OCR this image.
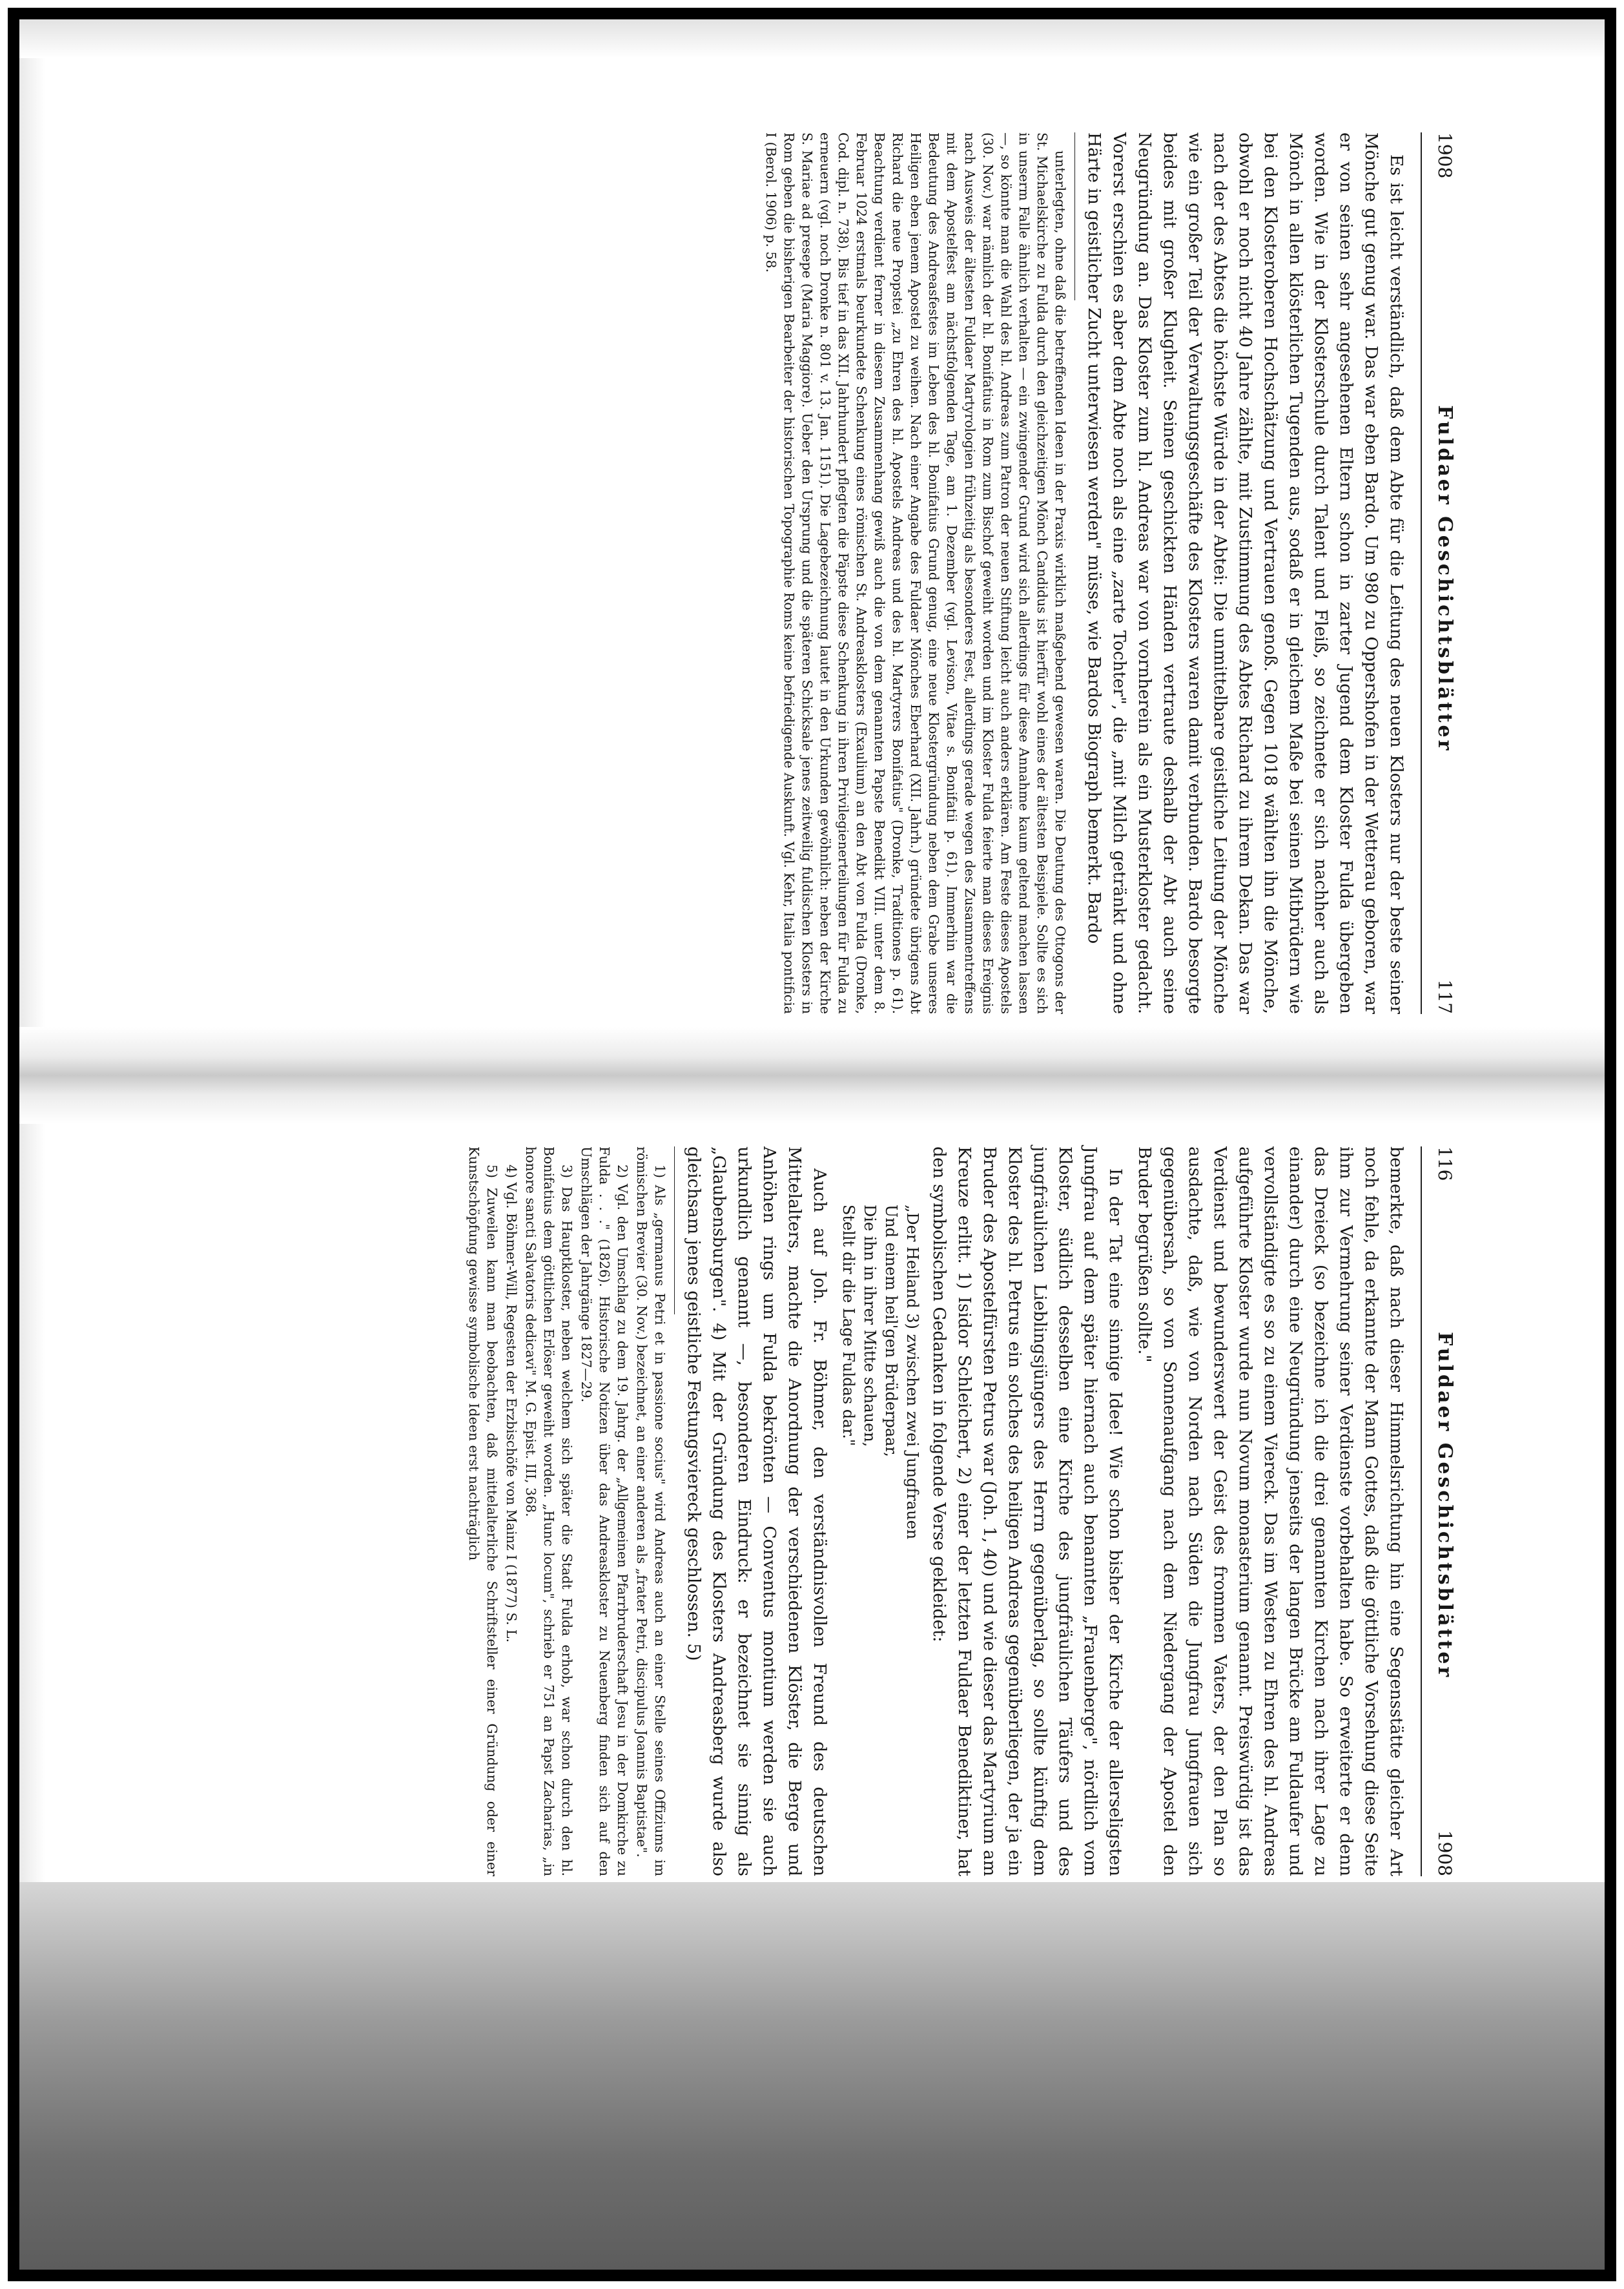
1908
Fuldaer Geschichtsblätter
117

Es ist leicht verständlich, daß dem Abte für die Leitung des neuen Klosters nur der beste seiner Mönche gut genug war. Das war eben Bardo. Um 980 zu Oppershofen in der Wetterau geboren, war er von seinen sehr angesehenen Eltern schon in zarter Jugend dem Kloster Fulda übergeben worden. Wie in der Klosterschule durch Talent und Fleiß, so zeichnete er sich nachher auch als Mönch in allen klösterlichen Tugenden aus, sodaß er in gleichem Maße bei seinen Mitbrüdern wie bei den Klosteroberen Hochschätzung und Vertrauen genoß. Gegen 1018 wählten ihn die Mönche, obwohl er noch nicht 40 Jahre zählte, mit Zustimmung des Abtes Richard zu ihrem Dekan. Das war nach der des Abtes die höchste Würde in der Abtei: Die unmittelbare geistliche Leitung der Mönche wie ein großer Teil der Verwaltungsgeschäfte des Klosters waren damit verbunden. Bardo besorgte beides mit großer Klugheit. Seinen geschickten Händen vertraute deshalb der Abt auch seine Neugründung an. Das Kloster zum hl. Andreas war von vornherein als ein Musterkloster gedacht. Vorerst erschien es aber dem Abte noch als eine „zarte Tochter", die „mit Milch getränkt und ohne Härte in geistlicher Zucht unterwiesen werden" müsse, wie Bardos Biograph bemerkt. Bardo

unterlegten, ohne daß die betreffenden Ideen in der Praxis wirklich maßgebend gewesen waren. Die Deutung des Ottogons der St. Michaelskirche zu Fulda durch den gleichzeitigen Mönch Candidus ist hierfür wohl eines der ältesten Beispiele. Sollte es sich in unserm Falle ähnlich verhalten — ein zwingender Grund wird sich allerdings für diese Annahme kaum geltend machen lassen —, so könnte man die Wahl des hl. Andreas zum Patron der neuen Stiftung leicht auch anders erklären. Am Feste dieses Apostels (30. Nov.) war nämlich der hl. Bonifatius in Rom zum Bischof geweiht worden und im Kloster Fulda feierte man dieses Ereignis nach Ausweis der ältesten Fuldaer Martyrologien frühzeitig als besonderes Fest, allerdings gerade wegen des Zusammentreffens mit dem Apostelfest am nächstfolgenden Tage, am 1. Dezember (vgl. Levison, Vitae s. Bonifatii p. 61). Immerhin war die Bedeutung des Andreasfestes im Leben des hl. Bonifatius Grund genug, eine neue Klostergründung neben dem Grabe unseres Heiligen eben jenem Apostel zu weihen. Nach einer Angabe des Fuldaer Mönches Eberhard (XII. Jahrh.) gründete übrigens Abt Richard die neue Propstei „zu Ehren des hl. Apostels Andreas und des hl. Martyrers Bonifatius" (Dronke, Traditiones p. 61). Beachtung verdient ferner in diesem Zusammenhang gewiß auch die von dem genannten Papste Benedikt VIII. unter dem 8. Februar 1024 erstmals beurkundete Schenkung eines römischen St. Andreasklosters (Exaulium) an den Abt von Fulda (Dronke, Cod. dipl. n. 738). Bis tief in das XII. Jahrhundert pflegten die Päpste diese Schenkung in ihren Privilegienerteilungen für Fulda zu erneuern (vgl. noch Dronke n. 801 v. 13. Jan. 1151). Die Lagebezeichnung lautet in den Urkunden gewöhnlich: neben der Kirche S. Mariae ad presepe (Maria Maggiore). Ueber den Ursprung und die späteren Schicksale jenes zeitweilig fuldischen Klosters in Rom geben die bisherigen Bearbeiter der historischen Topographie Roms keine befriedigende Auskunft. Vgl. Kehr, Italia pontificia I (Berol. 1906) p. 58.

116
Fuldaer Geschichtsblätter
1908

bemerkte, daß nach dieser Himmelsrichtung hin eine Segensstätte gleicher Art noch fehle, da erkannte der Mann Gottes, daß die göttliche Vorsehung diese Seite ihm zur Vermehrung seiner Verdienste vorbehalten habe. So erweiterte er denn das Dreieck (so bezeichne ich die drei genannten Kirchen nach ihrer Lage zu einander) durch eine Neugründung jenseits der langen Brücke am Fuldaufer und vervollständigte es so zu einem Viereck. Das im Westen zu Ehren des hl. Andreas aufgeführte Kloster wurde nun Novum monasterium genannt. Preiswürdig ist das Verdienst und bewunderswert der Geist des frommen Vaters, der den Plan so ausdachte, daß, wie von Norden nach Süden die Jungfrau Jungfrauen sich gegenübersah, so von Sonnenaufgang nach dem Niedergang der Apostel den Bruder begrüßen sollte."

In der Tat eine sinnige Idee! Wie schon bisher der Kirche der allerseligsten Jungfrau auf dem später hiernach auch benannten „Frauenberge", nördlich vom Kloster, südlich desselben eine Kirche des jungfräulichen Täufers und des jungfräulichen Lieblingsjüngers des Herrn gegenüberlag, so sollte künftig dem Kloster des hl. Petrus ein solches des heiligen Andreas gegenüberliegen, der ja ein Bruder des Apostelfürsten Petrus war (Joh. 1, 40) und wie dieser das Martyrium am Kreuze erlitt. 1) Isidor Schleichert, 2) einer der letzten Fuldaer Benediktiner, hat den symbolischen Gedanken in folgende Verse gekleidet:

„Der Heiland 3) zwischen zwei Jungfrauen
Und einem heil'gen Brüderpaar,
Die ihn in ihrer Mitte schauen,
Stellt dir die Lage Fuldas dar."

Auch auf Joh. Fr. Böhmer, den verständnisvollen Freund des deutschen Mittelalters, machte die Anordnung der verschiedenen Klöster, die Berge und Anhöhen rings um Fulda bekrönten — Conventus montium werden sie auch urkundlich genannt —, besonderen Eindruck: er bezeichnet sie sinnig als „Glaubensburgen". 4) Mit der Gründung des Klosters Andreasberg wurde also gleichsam jenes geistliche Festungsviereck geschlossen. 5)

1) Als „germanus Petri et in passione socius" wird Andreas auch an einer Stelle seines Offiziums im römischen Brevier (30. Nov.) bezeichnet, an einer anderen als „frater Petri, discipulus Joannis Baptistae".

2) Vgl. den Umschlag zu dem 19. Jahrg. der „Allgemeinen Pfarrbruderschaft Jesu in der Domkirche zu Fulda . . ." (1826). Historische Notizen über das Andreaskloster zu Neuenberg finden sich auf den Umschlägen der Jahrgänge 1827—29.

3) Das Hauptkloster, neben welchem sich später die Stadt Fulda erhob, war schon durch den hl. Bonifatius dem göttlichen Erlöser geweiht worden. „Hunc locum", schrieb er 751 an Papst Zacharias, „in honore sancti Salvatoris dedicavi" M. G. Epist. III, 368.

4) Vgl. Böhmer-Will, Regesten der Erzbischöfe von Mainz I (1877) S. L.

5) Zuweilen kann man beobachten, daß mittelalterliche Schriftsteller einer Gründung oder einer Kunstschöpfung gewisse symbolische Ideen erst nachträglich
